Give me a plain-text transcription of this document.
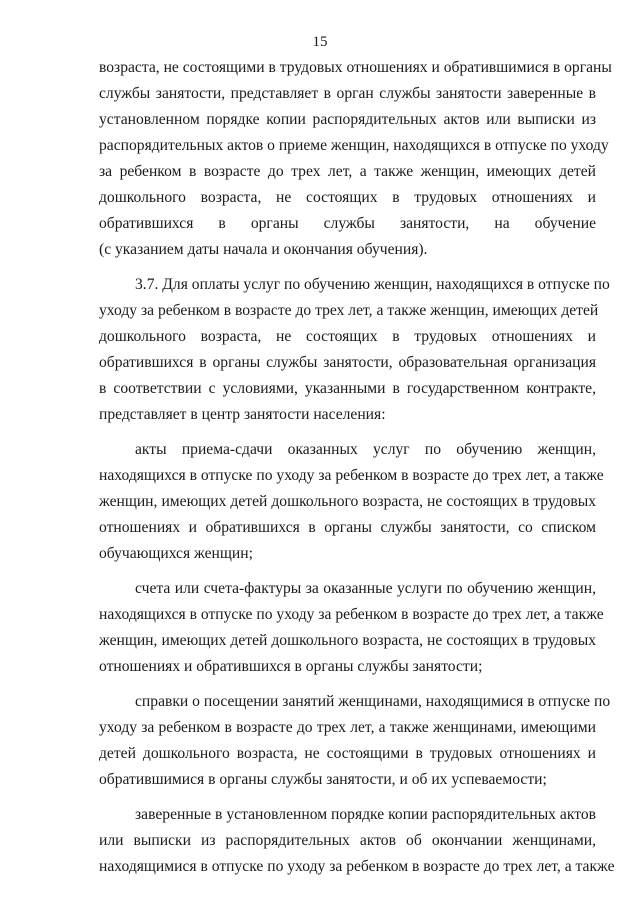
15
возраста, не состоящими в трудовых отношениях и обратившимися в органы
службы занятости, представляет в орган службы занятости заверенные в
установленном порядке копии распорядительных актов или выписки из
распорядительных актов о приеме женщин, находящихся в отпуске по уходу
за ребенком в возрасте до трех лет, а также женщин, имеющих детей
дошкольного возраста, не состоящих в трудовых отношениях и
обратившихся в органы службы занятости, на обучение
(с указанием даты начала и окончания обучения).
3.7. Для оплаты услуг по обучению женщин, находящихся в отпуске по
уходу за ребенком в возрасте до трех лет, а также женщин, имеющих детей
дошкольного возраста, не состоящих в трудовых отношениях и
обратившихся в органы службы занятости, образовательная организация
в соответствии с условиями, указанными в государственном контракте,
представляет в центр занятости населения:
акты приема-сдачи оказанных услуг по обучению женщин,
находящихся в отпуске по уходу за ребенком в возрасте до трех лет, а также
женщин, имеющих детей дошкольного возраста, не состоящих в трудовых
отношениях и обратившихся в органы службы занятости, со списком
обучающихся женщин;
счета или счета-фактуры за оказанные услуги по обучению женщин,
находящихся в отпуске по уходу за ребенком в возрасте до трех лет, а также
женщин, имеющих детей дошкольного возраста, не состоящих в трудовых
отношениях и обратившихся в органы службы занятости;
справки о посещении занятий женщинами, находящимися в отпуске по
уходу за ребенком в возрасте до трех лет, а также женщинами, имеющими
детей дошкольного возраста, не состоящими в трудовых отношениях и
обратившимися в органы службы занятости, и об их успеваемости;
заверенные в установленном порядке копии распорядительных актов
или выписки из распорядительных актов об окончании женщинами,
находящимися в отпуске по уходу за ребенком в возрасте до трех лет, а также
